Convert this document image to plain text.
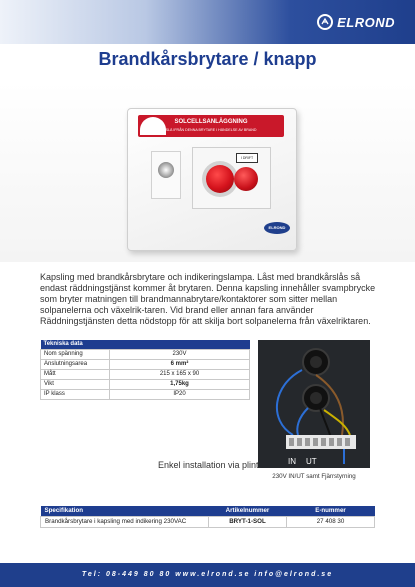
ELROND
Brandkårsbrytare / knapp
SOLCELLSANLÄGGNING
SLÄ IFRÅN DENNA BRYTARE I HÄNDELSE AV BRAND
I DRIFT
ELROND
Kapsling med brandkårsbrytare och indikeringslampa. Låst med brandkårslås så endast räddningstjänst kommer åt brytaren. Denna kapsling innehåller svampbrycke som bryter matningen till brandmannabrytare/kontaktorer som sitter mellan solpanelerna och växelrik-taren. Vid brand eller annan fara använder Räddningstjänsten detta nödstopp för att skilja bort solpanelerna från växelriktaren.
Tekniska data	
Nom spänning	230V
Anslutningsarea	6 mm²
Mått	215 x 165 x 90
Vikt	1,75kg
IP klass	IP20
IN UT
Enkel installation via plint.
230V IN/UT samt Fjärrstyrning
Specifikation	Artikelnummer	E-nummer
Brandkårsbrytare i kapsling med indikering 230VAC	BRYT-1-SOL	27 408 30
Tel: 08-449 80 80 www.elrond.se info@elrond.se
